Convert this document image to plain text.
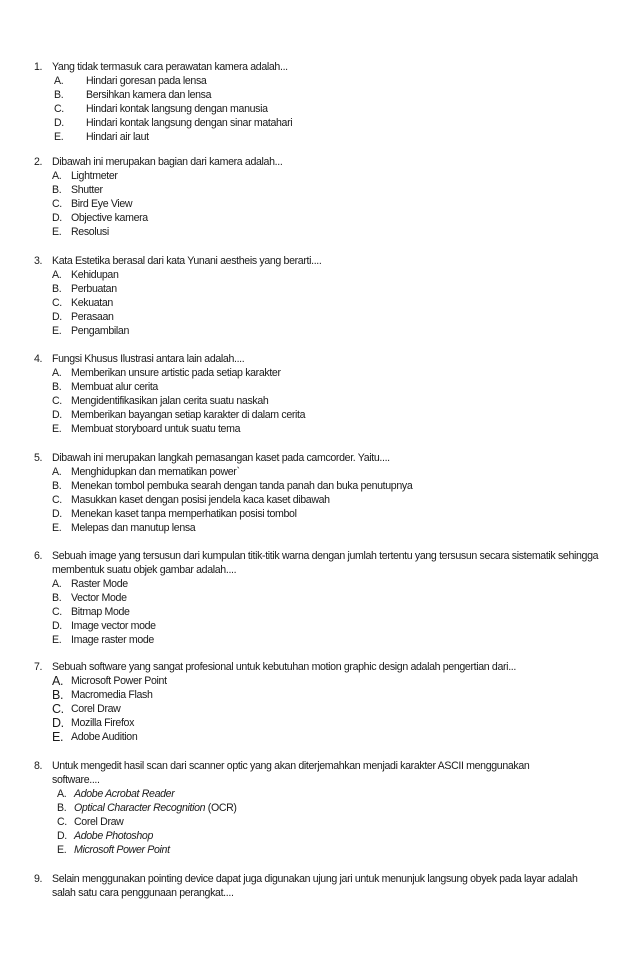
1. Yang tidak termasuk cara perawatan kamera adalah...
A. Hindari goresan pada lensa
B. Bersihkan kamera dan lensa
C. Hindari kontak langsung dengan manusia
D. Hindari kontak langsung dengan sinar matahari
E. Hindari air laut
2. Dibawah ini merupakan bagian dari kamera adalah...
A. Lightmeter
B. Shutter
C. Bird Eye View
D. Objective kamera
E. Resolusi
3. Kata Estetika berasal dari kata Yunani aestheis yang berarti....
A. Kehidupan
B. Perbuatan
C. Kekuatan
D. Perasaan
E. Pengambilan
4. Fungsi Khusus Ilustrasi antara lain adalah....
A. Memberikan unsure artistic pada setiap karakter
B. Membuat alur cerita
C. Mengidentifikasikan jalan cerita suatu naskah
D. Memberikan bayangan setiap karakter di dalam cerita
E. Membuat storyboard untuk suatu tema
5. Dibawah ini merupakan langkah pemasangan kaset pada camcorder. Yaitu....
A. Menghidupkan dan mematikan power`
B. Menekan tombol pembuka searah dengan tanda panah dan buka penutupnya
C. Masukkan kaset dengan posisi jendela kaca kaset dibawah
D. Menekan kaset tanpa memperhatikan posisi tombol
E. Melepas dan manutup lensa
6. Sebuah image yang tersusun dari kumpulan titik-titik warna dengan jumlah tertentu yang tersusun secara sistematik sehingga membentuk suatu objek gambar adalah....
A. Raster Mode
B. Vector Mode
C. Bitmap Mode
D. Image vector mode
E. Image raster mode
7. Sebuah software yang sangat profesional untuk kebutuhan motion graphic design adalah pengertian dari...
A. Microsoft Power Point
B. Macromedia Flash
C. Corel Draw
D. Mozilla Firefox
E. Adobe Audition
8. Untuk mengedit hasil scan dari scanner optic yang akan diterjemahkan menjadi karakter ASCII menggunakan software....
A. Adobe Acrobat Reader
B. Optical Character Recognition (OCR)
C. Corel Draw
D. Adobe Photoshop
E. Microsoft Power Point
9. Selain menggunakan pointing device dapat juga digunakan ujung jari untuk menunjuk langsung obyek pada layar adalah salah satu cara penggunaan perangkat....
